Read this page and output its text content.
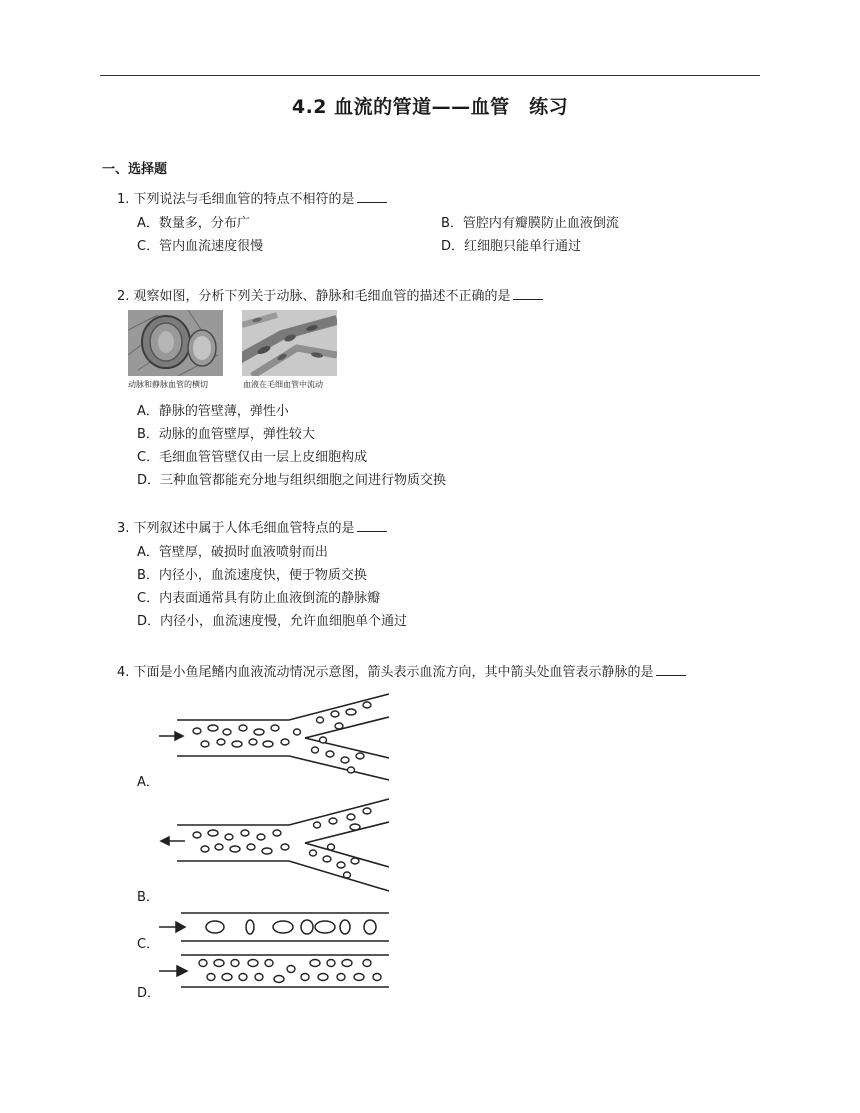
4.2 血流的管道——血管　练习
一、选择题
1. 下列说法与毛细血管的特点不相符的是
A．数量多，分布广	B．管腔内有瓣膜防止血液倒流
C．管内血流速度很慢	D．红细胞只能单行通过
2. 观察如图，分析下列关于动脉、静脉和毛细血管的描述不正确的是
动脉和静脉血管的横切	血液在毛细血管中流动
A．静脉的管壁薄，弹性小
B．动脉的血管壁厚，弹性较大
C．毛细血管管壁仅由一层上皮细胞构成
D．三种血管都能充分地与组织细胞之间进行物质交换
3. 下列叙述中属于人体毛细血管特点的是
A．管壁厚，破损时血液喷射而出
B．内径小，血流速度快，便于物质交换
C．内表面通常具有防止血液倒流的静脉瓣
D．内径小，血流速度慢，允许血细胞单个通过
4. 下面是小鱼尾鳍内血液流动情况示意图，箭头表示血流方向，其中箭头处血管表示静脉的是
A．
B．
C．
D．
